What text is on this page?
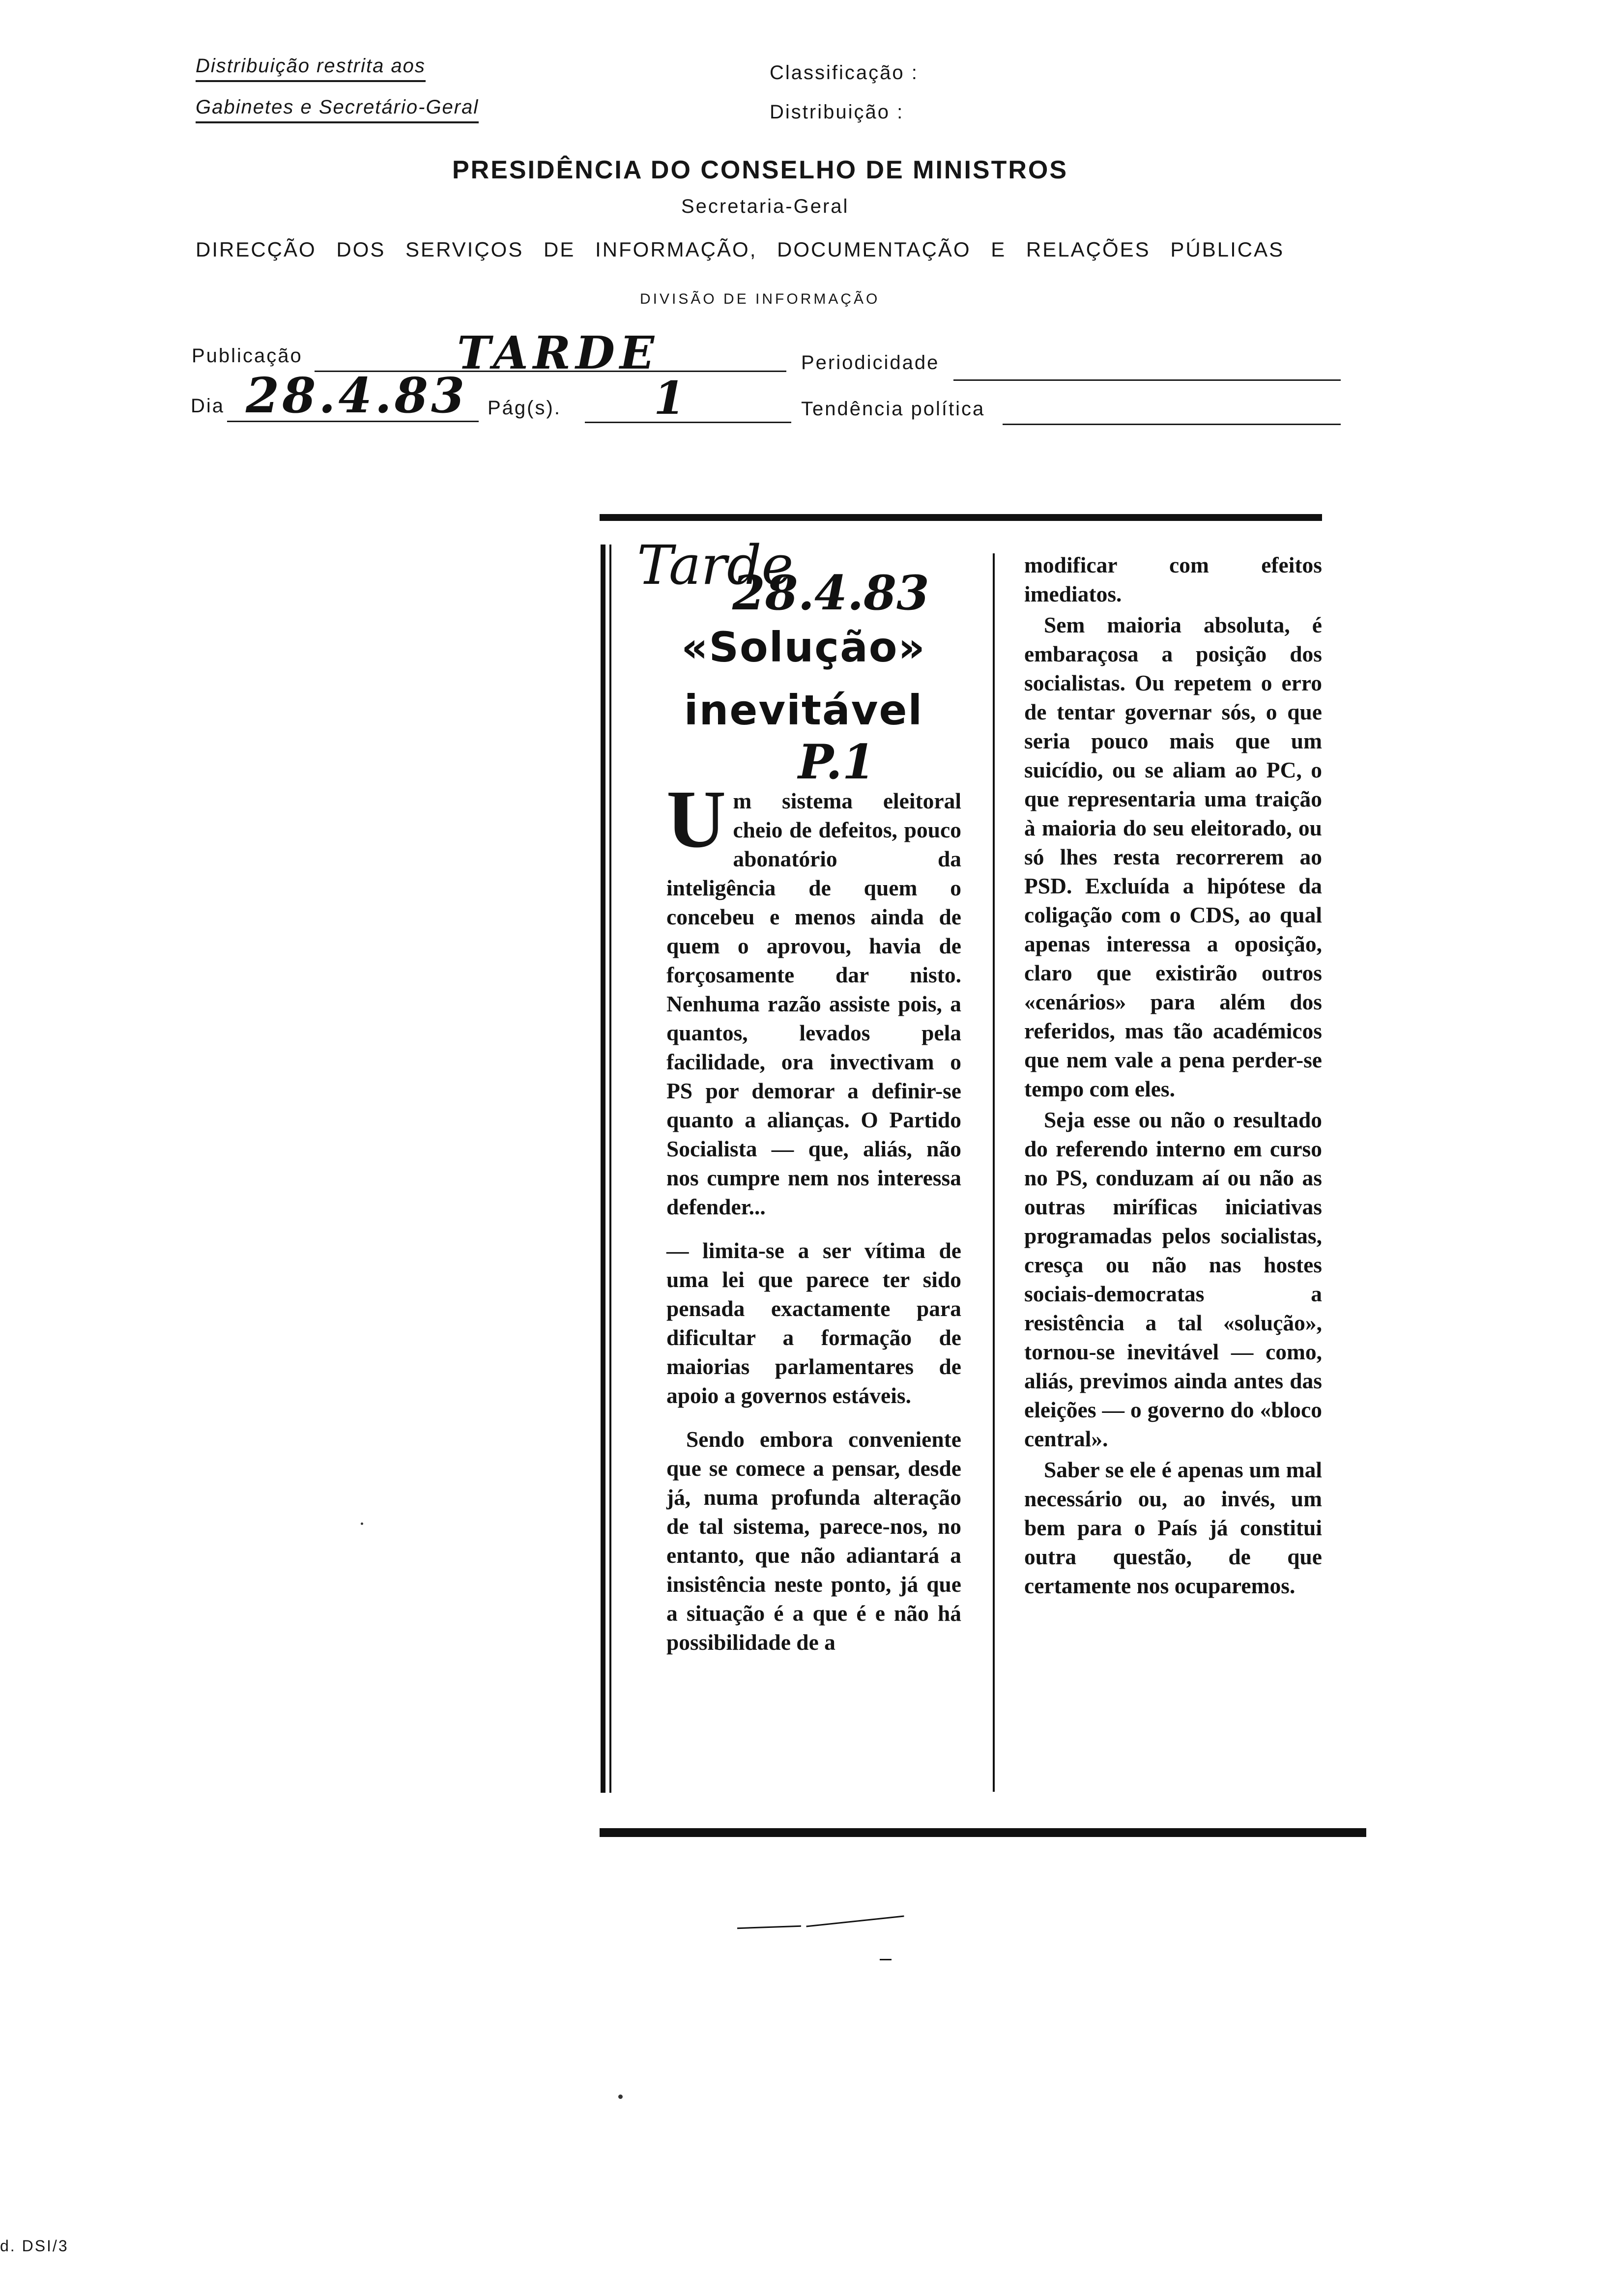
Distribuição restrita aos
Gabinetes e Secretário-Geral
Classificação :
Distribuição :
PRESIDÊNCIA DO CONSELHO DE MINISTROS
Secretaria-Geral
DIRECÇÃO DOS SERVIÇOS DE INFORMAÇÃO, DOCUMENTAÇÃO E RELAÇÕES PÚBLICAS
DIVISÃO DE INFORMAÇÃO
Publicação	TARDE	Periodicidade
Dia 28.4.83 Pág(s). 1	Tendência política
Tarde
28.4.83
P.1
«Solução»
inevitável

Um sistema eleitoral cheio de defeitos, pouco abonatório da inteligência de quem o concebeu e menos ainda de quem o aprovou, havia de forçosamente dar nisto. Nenhuma razão assiste pois, a quantos, levados pela facilidade, ora invectivam o PS por demorar a definir-se quanto a alianças. O Partido Socialista — que, aliás, não nos cumpre nem nos interessa defender...

— limita-se a ser vítima de uma lei que parece ter sido pensada exactamente para dificultar a formação de maiorias parlamentares de apoio a governos estáveis.

Sendo embora conveniente que se comece a pensar, desde já, numa profunda alteração de tal sistema, parece-nos, no entanto, que não adiantará a insistência neste ponto, já que a situação é a que é e não há possibilidade de a

modificar com efeitos imediatos.

Sem maioria absoluta, é embaraçosa a posição dos socialistas. Ou repetem o erro de tentar governar sós, o que seria pouco mais que um suicídio, ou se aliam ao PC, o que representaria uma traição à maioria do seu eleitorado, ou só lhes resta recorrerem ao PSD. Excluída a hipótese da coligação com o CDS, ao qual apenas interessa a oposição, claro que existirão outros «cenários» para além dos referidos, mas tão académicos que nem vale a pena perder-se tempo com eles.

Seja esse ou não o resultado do referendo interno em curso no PS, conduzam aí ou não as outras miríficas iniciativas programadas pelos socialistas, cresça ou não nas hostes sociais-democratas a resistência a tal «solução», tornou-se inevitável — como, aliás, previmos ainda antes das eleições — o governo do «bloco central».

Saber se ele é apenas um mal necessário ou, ao invés, um bem para o País já constitui outra questão, de que certamente nos ocuparemos.

d. DSI/3
